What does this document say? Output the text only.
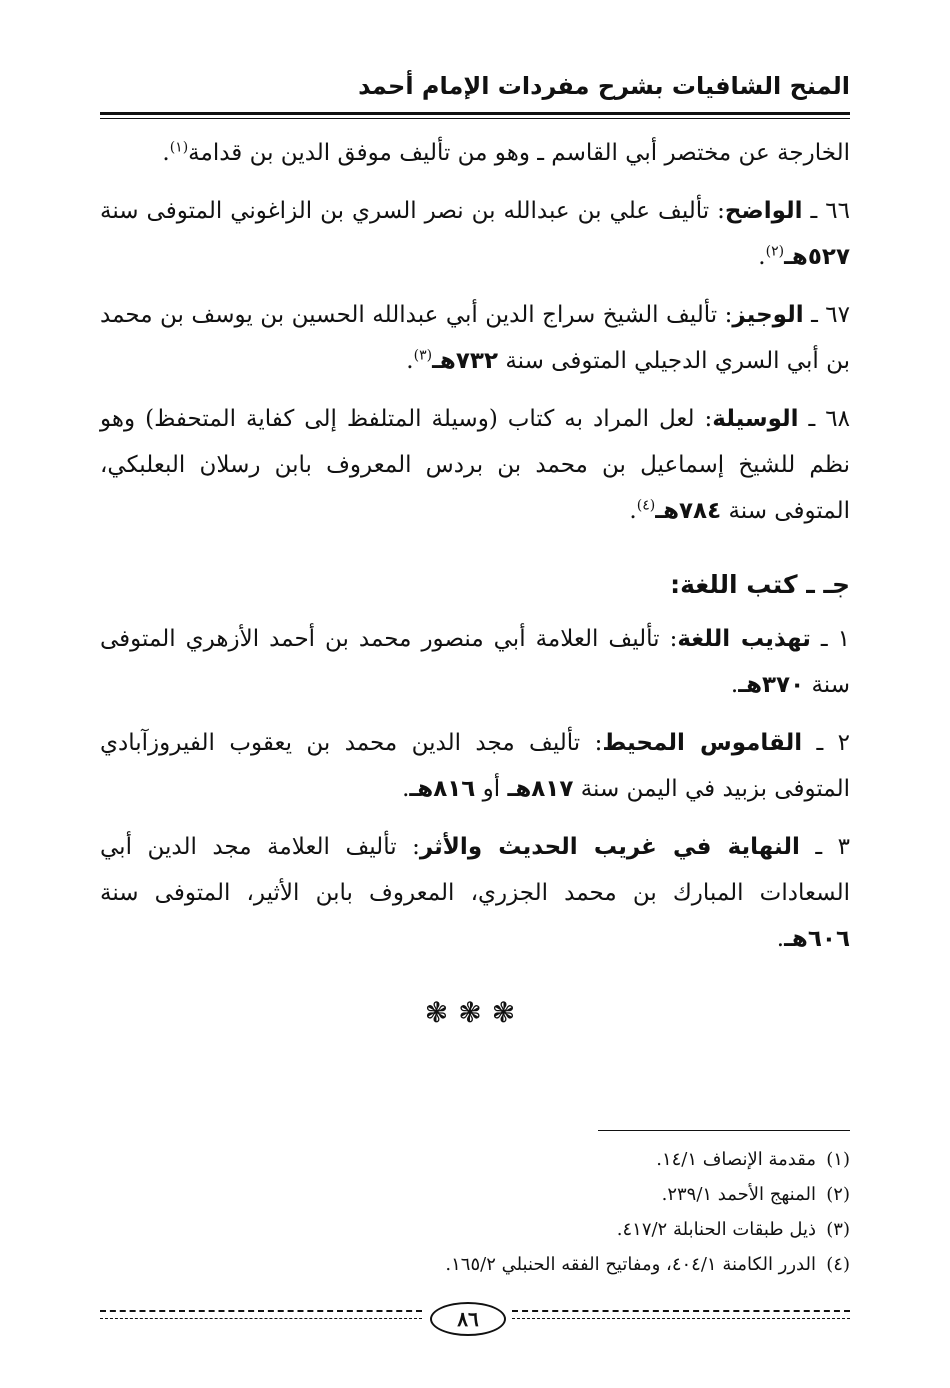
المنح الشافيات بشرح مفردات الإمام أحمد

الخارجة عن مختصر أبي القاسم ـ وهو من تأليف موفق الدين بن قدامة$^{(١)}$.

٦٦ ـ الواضح: تأليف علي بن عبدالله بن نصر السري بن الزاغوني المتوفى سنة ٥٢٧هـ$^{(٢)}$.

٦٧ ـ الوجيز: تأليف الشيخ سراج الدين أبي عبدالله الحسين بن يوسف بن محمد بن أبي السري الدجيلي المتوفى سنة ٧٣٢هـ$^{(٣)}$.

٦٨ ـ الوسيلة: لعل المراد به كتاب (وسيلة المتلفظ إلى كفاية المتحفظ) وهو نظم للشيخ إسماعيل بن محمد بن بردس المعروف بابن رسلان البعلبكي، المتوفى سنة ٧٨٤هـ$^{(٤)}$.

جـ ـ كتب اللغة:

١ ـ تهذيب اللغة: تأليف العلامة أبي منصور محمد بن أحمد الأزهري المتوفى سنة ٣٧٠هـ.

٢ ـ القاموس المحيط: تأليف مجد الدين محمد بن يعقوب الفيروزآبادي المتوفى بزبيد في اليمن سنة ٨١٧هـ أو ٨١٦هـ.

٣ ـ النهاية في غريب الحديث والأثر: تأليف العلامة مجد الدين أبي السعادات المبارك بن محمد الجزري، المعروف بابن الأثير، المتوفى سنة ٦٠٦هـ.

❃❃❃
(١)مقدمة الإنصاف ١٤/١.
(٢)المنهج الأحمد ٢٣٩/١.
(٣)ذيل طبقات الحنابلة ٤١٧/٢.
(٤)الدرر الكامنة ٤٠٤/١، ومفاتيح الفقه الحنبلي ١٦٥/٢.
٨٦
